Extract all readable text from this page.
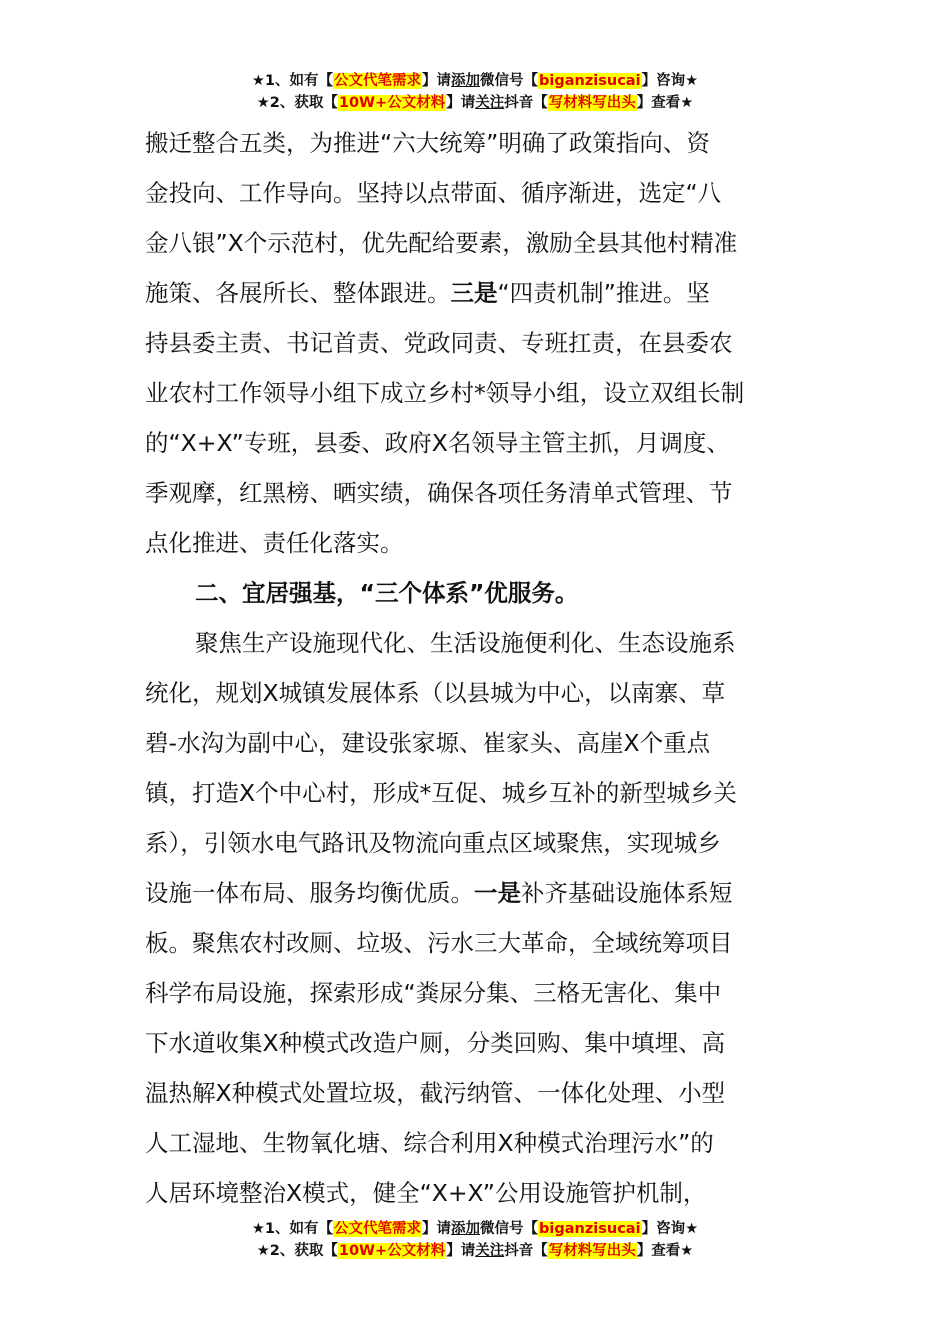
★1、如有【公文代笔需求】请添加微信号【biganzisucai】咨询★
★2、获取【10W+公文材料】请关注抖音【写材料写出头】查看★

搬迁整合五类，为推进“六大统筹”明确了政策指向、资

金投向、工作导向。坚持以点带面、循序渐进，选定“八

金八银”X个示范村，优先配给要素，激励全县其他村精准

施策、各展所长、整体跟进。三是“四责机制”推进。坚

持县委主责、书记首责、党政同责、专班扛责，在县委农

业农村工作领导小组下成立乡村*领导小组，设立双组长制

的“X+X”专班，县委、政府X名领导主管主抓，月调度、

季观摩，红黑榜、晒实绩，确保各项任务清单式管理、节

点化推进、责任化落实。

二、宜居强基，“三个体系”优服务。

聚焦生产设施现代化、生活设施便利化、生态设施系

统化，规划X城镇发展体系（以县城为中心，以南寨、草

碧-水沟为副中心，建设张家塬、崔家头、高崖X个重点

镇，打造X个中心村，形成*互促、城乡互补的新型城乡关

系），引领水电气路讯及物流向重点区域聚焦，实现城乡

设施一体布局、服务均衡优质。一是补齐基础设施体系短

板。聚焦农村改厕、垃圾、污水三大革命，全域统筹项目

科学布局设施，探索形成“粪尿分集、三格无害化、集中

下水道收集X种模式改造户厕，分类回购、集中填埋、高

温热解X种模式处置垃圾，截污纳管、一体化处理、小型

人工湿地、生物氧化塘、综合利用X种模式治理污水”的

人居环境整治X模式，健全“X+X”公用设施管护机制，

★1、如有【公文代笔需求】请添加微信号【biganzisucai】咨询★
★2、获取【10W+公文材料】请关注抖音【写材料写出头】查看★
